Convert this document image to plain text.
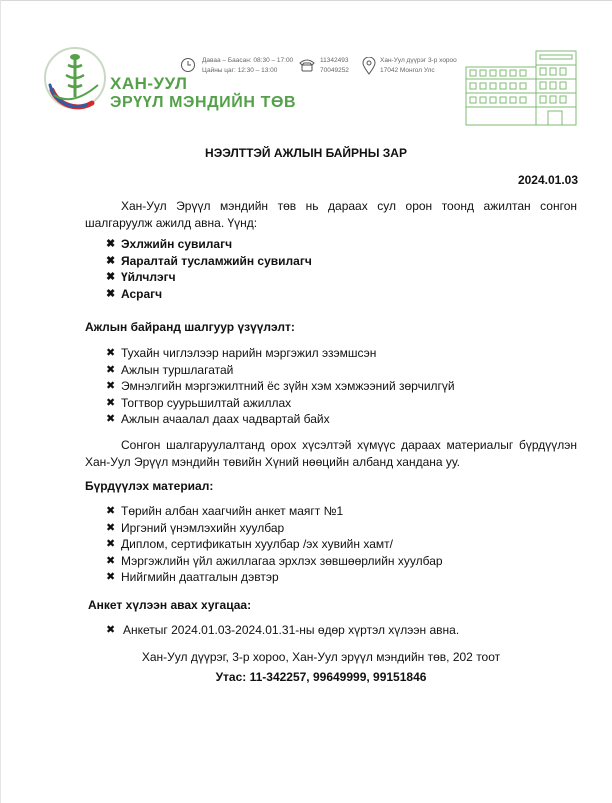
ХАН-УУЛ
ЭРҮҮЛ МЭНДИЙН ТӨВ
Даваа – Баасан: 08:30 – 17:00
Цайны цаг: 12:30 – 13:00
11342493
70049252
Хан-Уул дүүрэг 3-р хороо
17042 Монгол Улс
НЭЭЛТТЭЙ АЖЛЫН БАЙРНЫ ЗАР
2024.01.03
Хан-Уул Эрүүл мэндийн төв нь дараах сул орон тоонд ажилтан сонгон шалгаруулж ажилд авна. Үүнд:
✖ Эхлжийн сувилагч
✖ Яаралтай тусламжийн сувилагч
✖ Үйлчлэгч
✖ Асрагч
Ажлын байранд шалгуур үзүүлэлт:
✖ Тухайн чиглэлээр нарийн мэргэжил эзэмшсэн
✖ Ажлын туршлагатай
✖ Эмнэлгийн мэргэжилтний ёс зүйн хэм хэмжээний зөрчилгүй
✖ Тогтвор суурьшилтай ажиллах
✖ Ажлын ачаалал даах чадвартай байх
Сонгон шалгаруулалтанд орох хүсэлтэй хүмүүс дараах материалыг бүрдүүлэн Хан-Уул Эрүүл мэндийн төвийн Хүний нөөцийн албанд хандана уу.
Бүрдүүлэх материал:
✖ Төрийн албан хаагчийн анкет маягт №1
✖ Иргэний үнэмлэхийн хуулбар
✖ Диплом, сертификатын хуулбар /эх хувийн хамт/
✖ Мэргэжлийн үйл ажиллагаа эрхлэх зөвшөөрлийн хуулбар
✖ Нийгмийн даатгалын дэвтэр
Анкет хүлээн авах хугацаа:
✖ Анкетыг 2024.01.03-2024.01.31-ны өдөр хүртэл хүлээн авна.
Хан-Уул дүүрэг, 3-р хороо, Хан-Уул эрүүл мэндийн төв, 202 тоот
Утас: 11-342257, 99649999, 99151846
